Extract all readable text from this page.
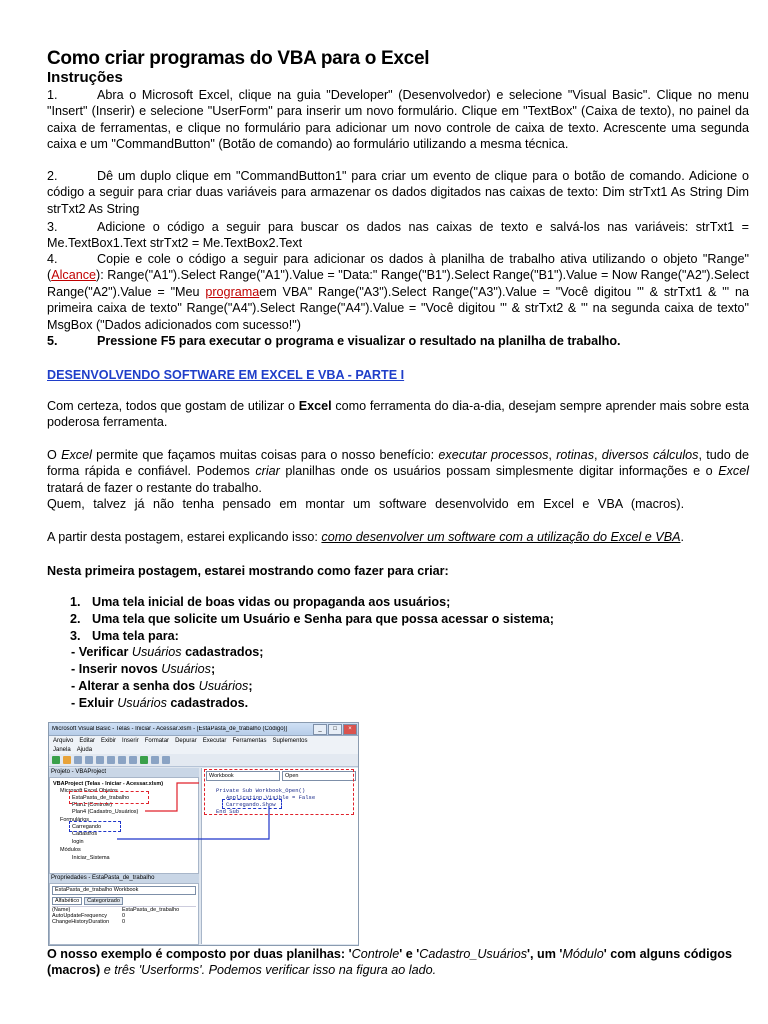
Como criar programas do VBA para o Excel
Instruções
1.	Abra o Microsoft Excel, clique na guia "Developer" (Desenvolvedor) e selecione "Visual Basic". Clique no menu "Insert" (Inserir) e selecione "UserForm" para inserir um novo formulário. Clique em "TextBox" (Caixa de texto), no painel da caixa de ferramentas, e clique no formulário para adicionar um novo controle de caixa de texto. Acrescente uma segunda caixa e um "CommandButton" (Botão de comando) ao formulário utilizando a mesma técnica.
2.	Dê um duplo clique em "CommandButton1" para criar um evento de clique para o botão de comando. Adicione o código a seguir para criar duas variáveis para armazenar os dados digitados nas caixas de texto: Dim strTxt1 As String Dim strTxt2 As String
3.	Adicione o código a seguir para buscar os dados nas caixas de texto e salvá-los nas variáveis: strTxt1 = Me.TextBox1.Text strTxt2 = Me.TextBox2.Text
4.	Copie e cole o código a seguir para adicionar os dados à planilha de trabalho ativa utilizando o objeto "Range" (Alcance): Range("A1").Select Range("A1").Value = "Data:" Range("B1").Select Range("B1").Value = Now Range("A2").Select Range("A2").Value = "Meu programaem VBA" Range("A3").Select Range("A3").Value = "Você digitou '" & strTxt1 & "' na primeira caixa de texto" Range("A4").Select Range("A4").Value = "Você digitou '" & strTxt2 & "' na segunda caixa de texto" MsgBox ("Dados adicionados com sucesso!")
5.	Pressione F5 para executar o programa e visualizar o resultado na planilha de trabalho.
DESENVOLVENDO SOFTWARE EM EXCEL E VBA - PARTE I
Com certeza, todos que gostam de utilizar o Excel como ferramenta do dia-a-dia, desejam sempre aprender mais sobre esta poderosa ferramenta.
O Excel permite que façamos muitas coisas para o nosso benefício: executar processos, rotinas, diversos cálculos, tudo de forma rápida e confiável. Podemos criar planilhas onde os usuários possam simplesmente digitar informações e o Excel tratará de fazer o restante do trabalho.
Quem, talvez já não tenha pensado em montar um software desenvolvido em Excel e VBA (macros).
A partir desta postagem, estarei explicando isso: como desenvolver um software com a utilização do Excel e VBA.
Nesta primeira postagem, estarei mostrando como fazer para criar:
1. Uma tela inicial de boas vidas ou propaganda aos usuários;
2. Uma tela que solicite um Usuário e Senha para que possa acessar o sistema;
3. Uma tela para:
- Verificar Usuários cadastrados;
- Inserir novos Usuários;
- Alterar a senha dos Usuários;
- Exluir Usuários cadastrados.
Microsoft Visual Basic - Telas - Iniciar - Acessar.xlsm - [EstaPasta_de_trabalho (Código)]	_	□	×
Arquivo Editar Exibir Inserir Formatar Depurar Executar Ferramentas Suplementos
Janela Ajuda
Projeto - VBAProject
VBAProject (Telas - Iniciar - Acessar.xlsm)
Microsoft Excel Objetos
EstaPasta_de_trabalho
Plan1 (Controle)
Plan4 (Cadastro_Usuários)
Formulários
Carregando
Cadastros
login
Módulos
Iniciar_Sistema
Propriedades - EstaPasta_de_trabalho
EstaPasta_de_trabalho Workbook
Alfabético	Categorizado
(Name)	EstaPasta_de_trabalho
AutoUpdateFrequency	0
ChangeHistoryDuration	0
Workbook	Open
Private Sub Workbook_Open()
Application.Visible = False
Carregando.Show
End Sub
O nosso exemplo é composto por duas planilhas: 'Controle' e 'Cadastro_Usuários', um 'Módulo' com alguns códigos (macros) e três 'Userforms'. Podemos verificar isso na figura ao lado.
